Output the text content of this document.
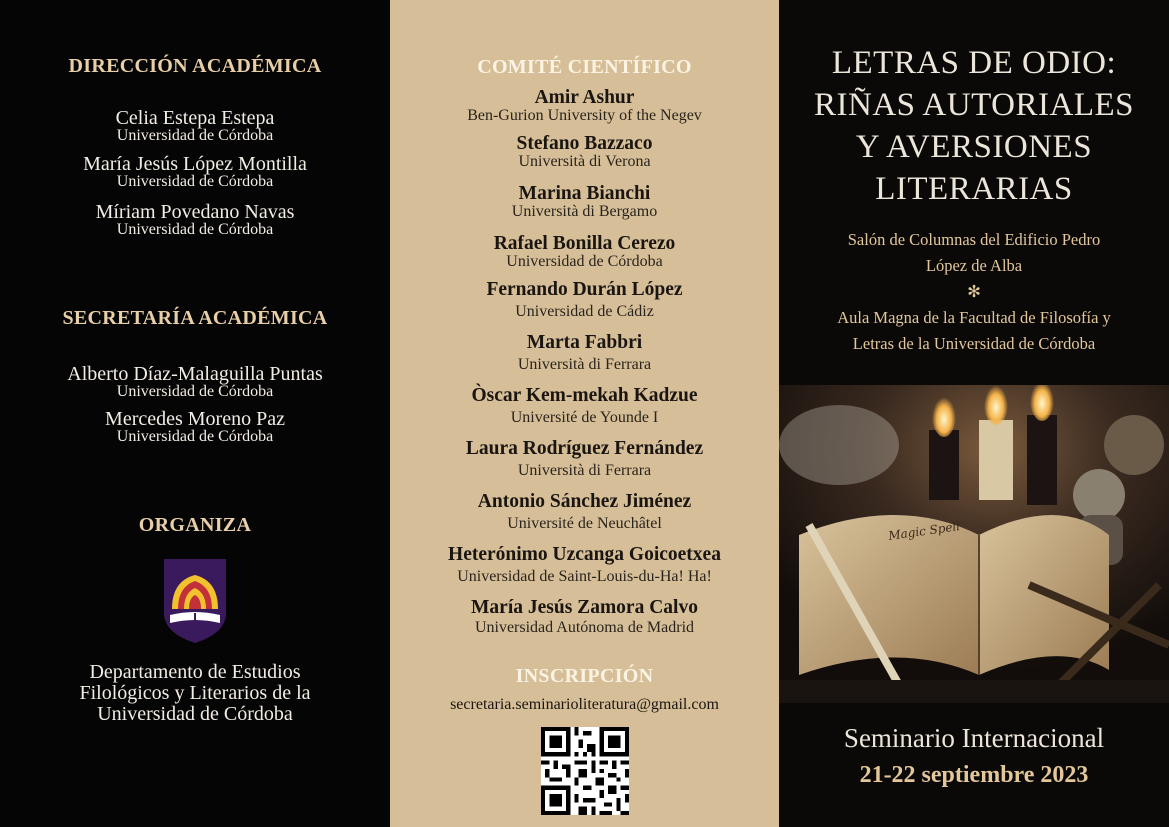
DIRECCIÓN ACADÉMICA
Celia Estepa Estepa
Universidad de Córdoba
María Jesús López Montilla
Universidad de Córdoba
Míriam Povedano Navas
Universidad de Córdoba
SECRETARÍA ACADÉMICA
Alberto Díaz-Malaguilla Puntas
Universidad de Córdoba
Mercedes Moreno Paz
Universidad de Córdoba
ORGANIZA
Departamento de Estudios
Filológicos y Literarios de la
Universidad de Córdoba
COMITÉ CIENTÍFICO
Amir Ashur
Ben-Gurion University of the Negev
Stefano Bazzaco
Università di Verona
Marina Bianchi
Università di Bergamo
Rafael Bonilla Cerezo
Universidad de Córdoba
Fernando Durán López
Universidad de Cádiz
Marta Fabbri
Università di Ferrara
Òscar Kem-mekah Kadzue
Université de Younde I
Laura Rodríguez Fernández
Università di Ferrara
Antonio Sánchez Jiménez
Université de Neuchâtel
Heterónimo Uzcanga Goicoetxea
Universidad de Saint-Louis-du-Ha! Ha!
María Jesús Zamora Calvo
Universidad Autónoma de Madrid
INSCRIPCIÓN
secretaria.seminarioliteratura@gmail.com
LETRAS DE ODIO:
RIÑAS AUTORIALES
Y AVERSIONES
LITERARIAS
Salón de Columnas del Edificio Pedro
López de Alba
✻
Aula Magna de la Facultad de Filosofía y
Letras de la Universidad de Córdoba
Magic Spell
Seminario Internacional
21-22 septiembre 2023
